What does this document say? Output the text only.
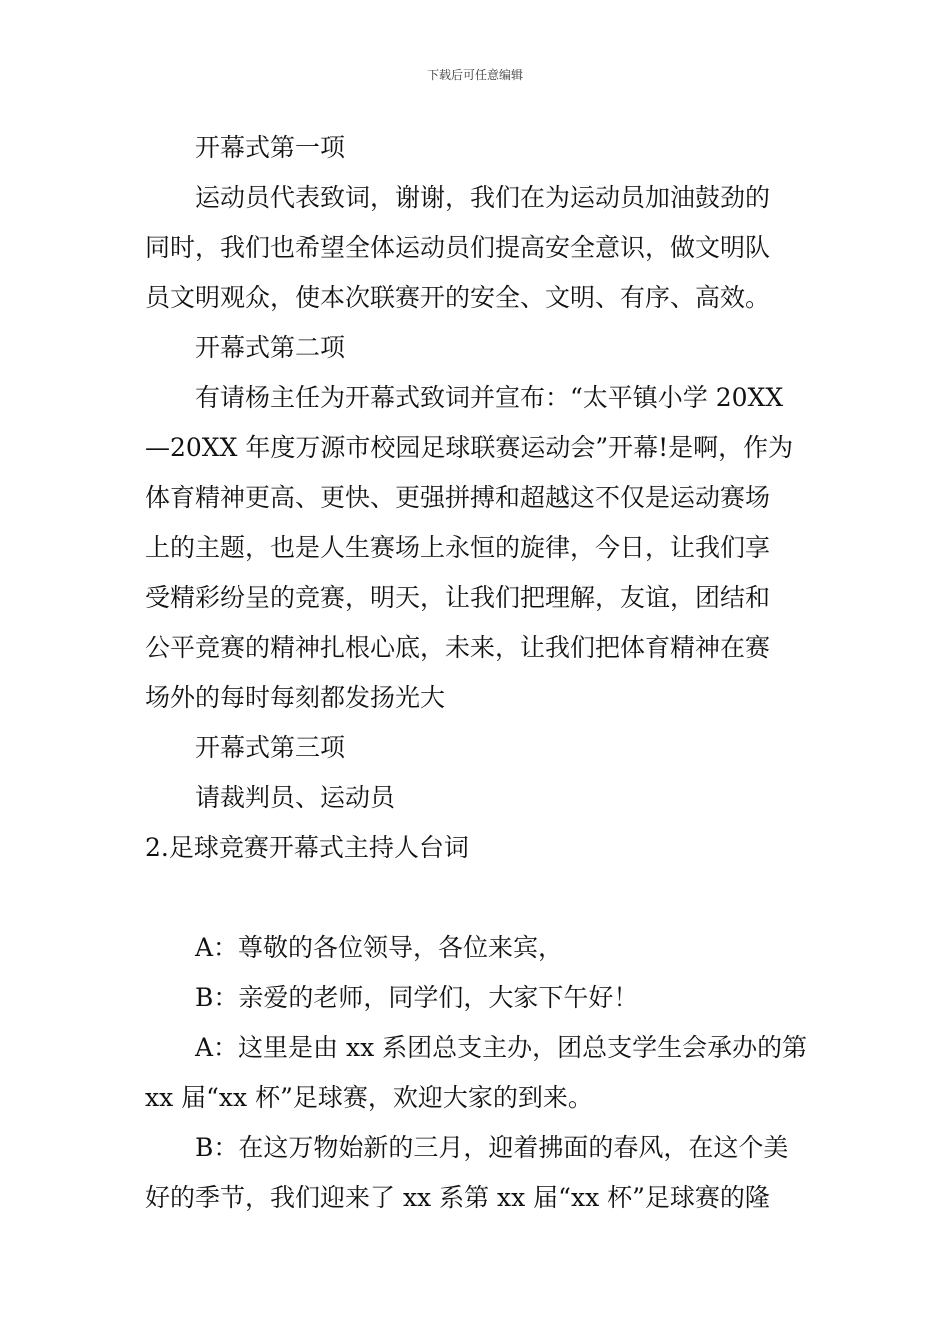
下载后可任意编辑
开幕式第一项
运动员代表致词，谢谢，我们在为运动员加油鼓劲的
同时，我们也希望全体运动员们提高安全意识，做文明队
员文明观众，使本次联赛开的安全、文明、有序、高效。
开幕式第二项
有请杨主任为开幕式致词并宣布：“太平镇小学 20XX
—20XX 年度万源市校园足球联赛运动会”开幕!是啊，作为
体育精神更高、更快、更强拼搏和超越这不仅是运动赛场
上的主题，也是人生赛场上永恒的旋律，今日，让我们享
受精彩纷呈的竞赛，明天，让我们把理解，友谊，团结和
公平竞赛的精神扎根心底，未来，让我们把体育精神在赛
场外的每时每刻都发扬光大
开幕式第三项
请裁判员、运动员
2.足球竞赛开幕式主持人台词
A：尊敬的各位领导，各位来宾，
B：亲爱的老师，同学们，大家下午好！
A：这里是由 xx 系团总支主办，团总支学生会承办的第
xx 届“xx 杯”足球赛，欢迎大家的到来。
B：在这万物始新的三月，迎着拂面的春风，在这个美
好的季节，我们迎来了 xx 系第 xx 届“xx 杯”足球赛的隆
